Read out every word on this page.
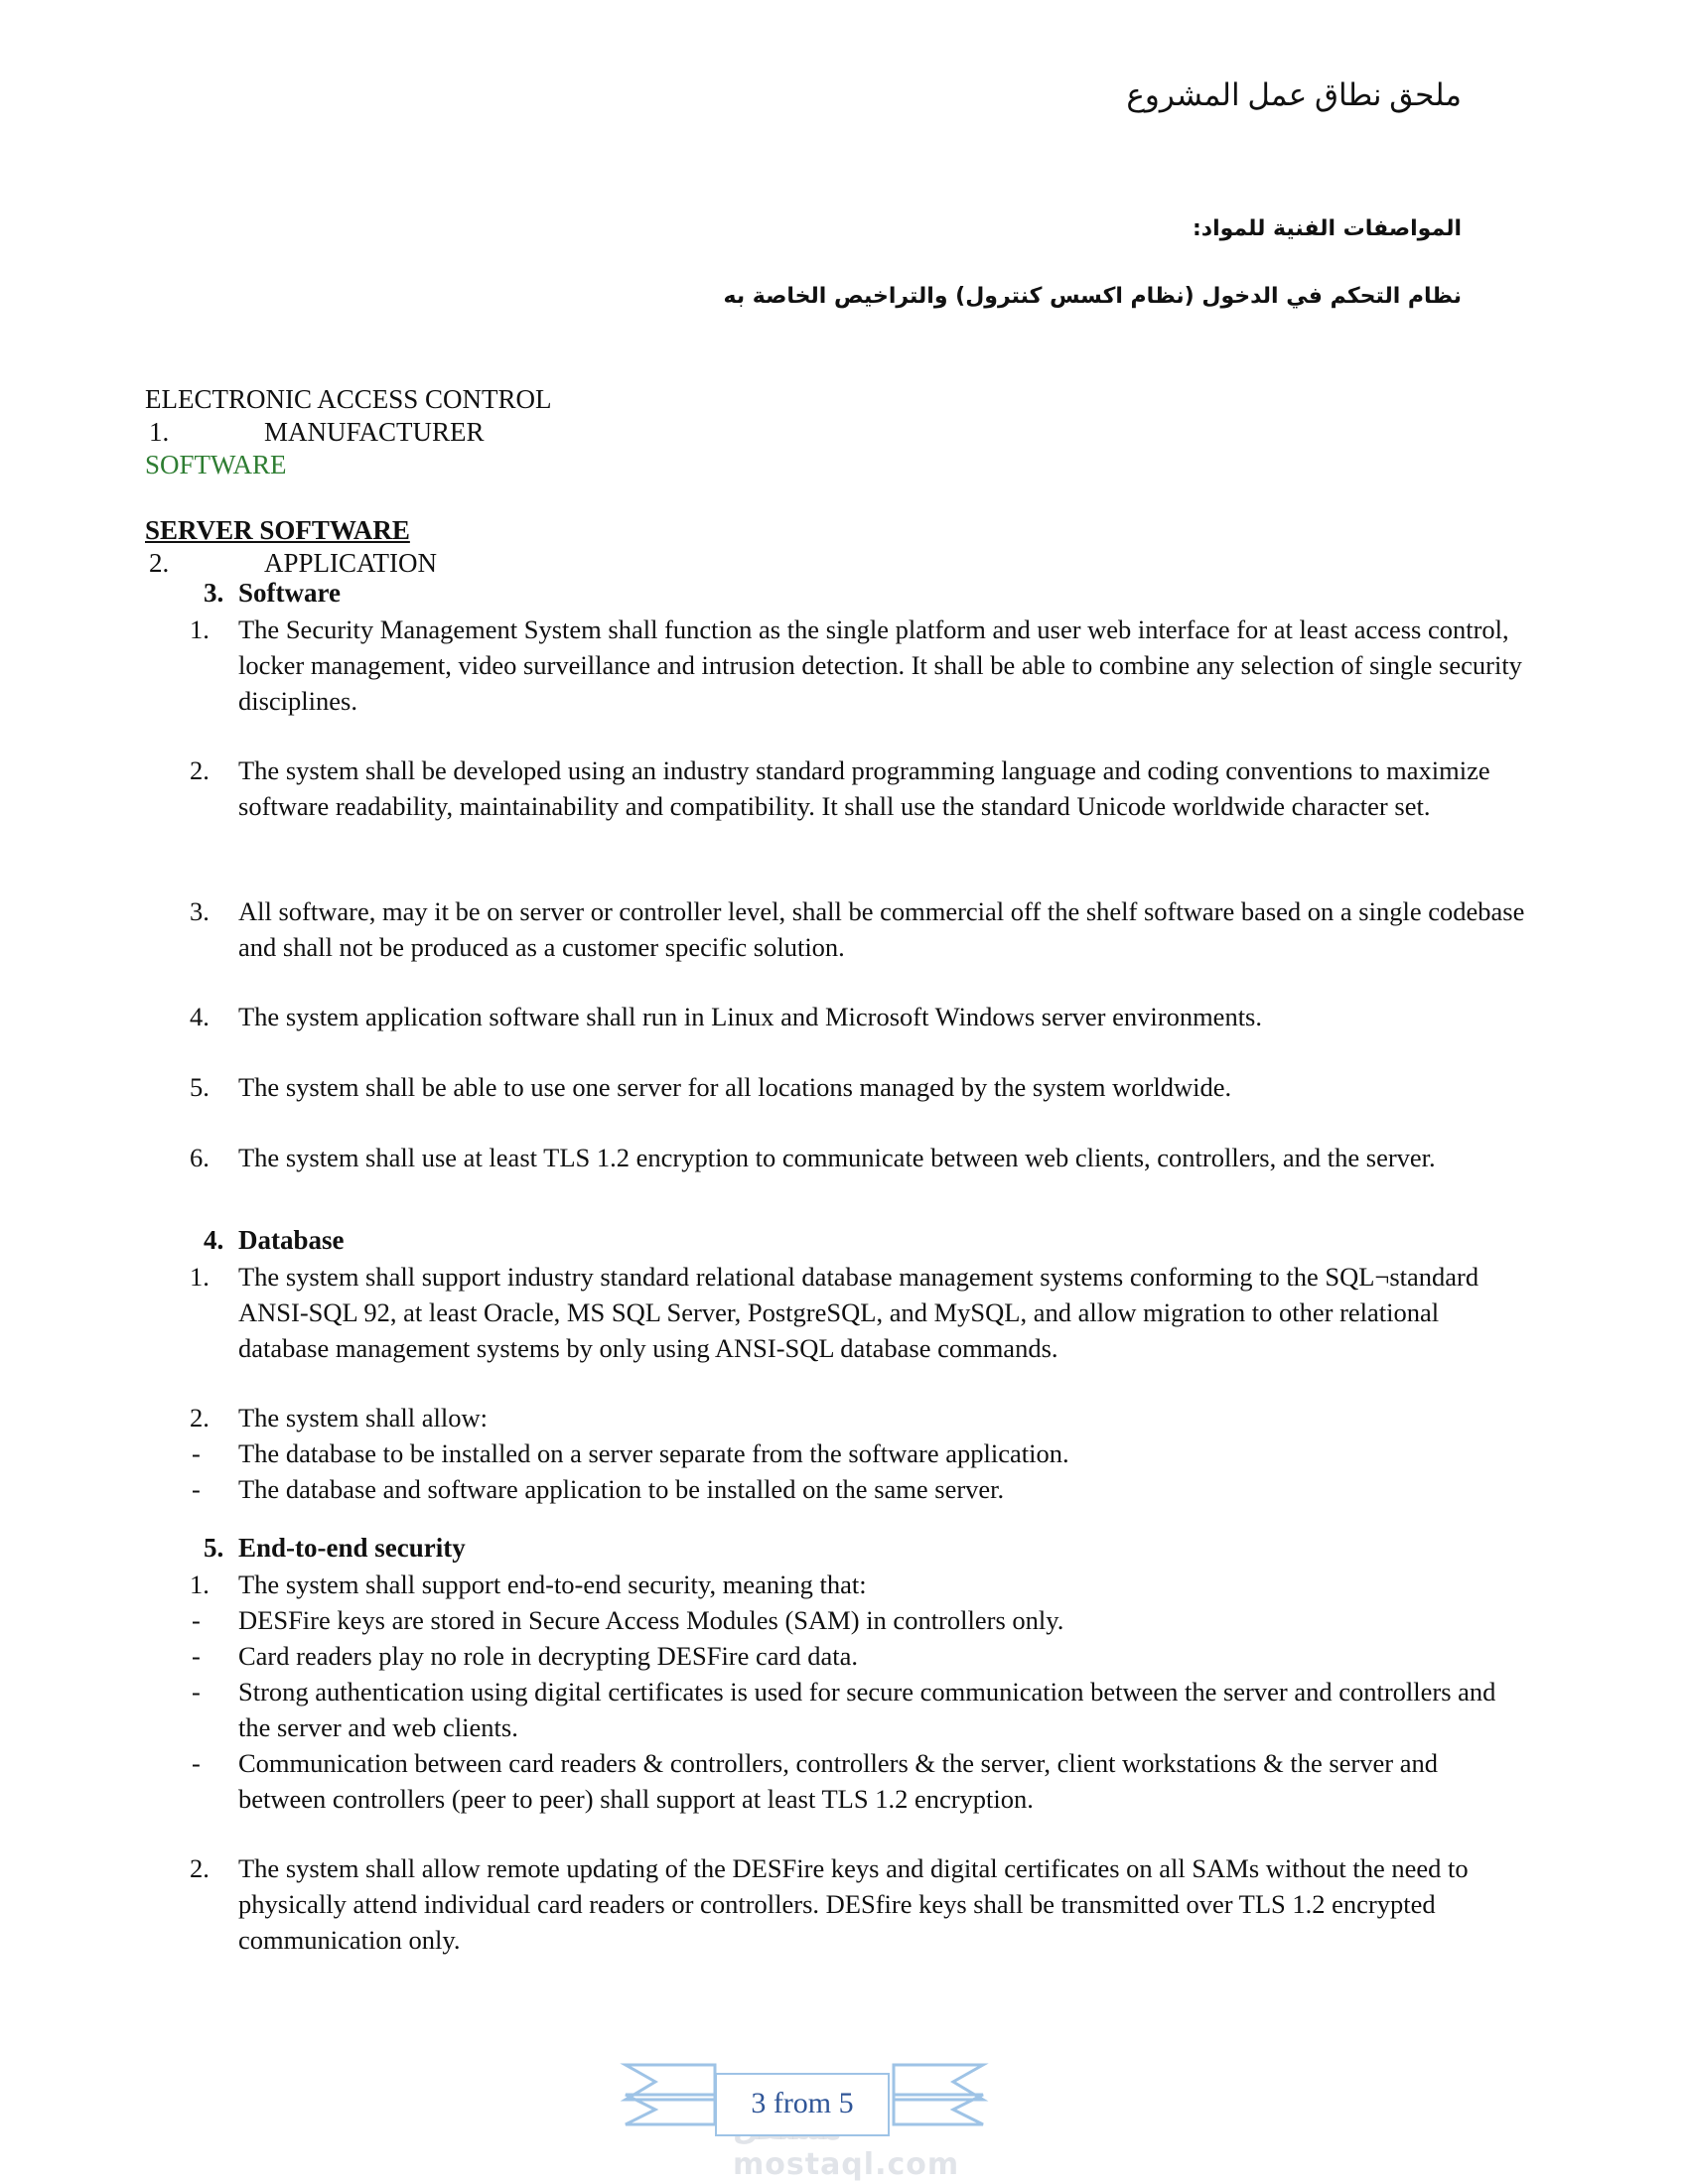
ملحق نطاق عمل المشروع
المواصفات الفنية للمواد:
نظام التحكم في الدخول (نظام اكسس كنترول) والتراخيص الخاصة به
ELECTRONIC ACCESS CONTROL
1.	MANUFACTURER
SOFTWARE
SERVER SOFTWARE
2.	APPLICATION
3. Software
1. The Security Management System shall function as the single platform and user web interface for at least access control, locker management, video surveillance and intrusion detection. It shall be able to combine any selection of single security disciplines.
2. The system shall be developed using an industry standard programming language and coding conventions to maximize software readability, maintainability and compatibility. It shall use the standard Unicode worldwide character set.
3. All software, may it be on server or controller level, shall be commercial off the shelf software based on a single codebase and shall not be produced as a customer specific solution.
4. The system application software shall run in Linux and Microsoft Windows server environments.
5. The system shall be able to use one server for all locations managed by the system worldwide.
6. The system shall use at least TLS 1.2 encryption to communicate between web clients, controllers, and the server.
4. Database
1. The system shall support industry standard relational database management systems conforming to the SQL¬standard ANSI-SQL 92, at least Oracle, MS SQL Server, PostgreSQL, and MySQL, and allow migration to other relational database management systems by only using ANSI-SQL database commands.
2. The system shall allow:
- The database to be installed on a server separate from the software application.
- The database and software application to be installed on the same server.
5. End-to-end security
1. The system shall support end-to-end security, meaning that:
- DESFire keys are stored in Secure Access Modules (SAM) in controllers only.
- Card readers play no role in decrypting DESFire card data.
- Strong authentication using digital certificates is used for secure communication between the server and controllers and the server and web clients.
- Communication between card readers & controllers, controllers & the server, client workstations & the server and between controllers (peer to peer) shall support at least TLS 1.2 encryption.
2. The system shall allow remote updating of the DESFire keys and digital certificates on all SAMs without the need to physically attend individual card readers or controllers. DESfire keys shall be transmitted over TLS 1.2 encrypted communication only.
mostaql.com
3 from 5
